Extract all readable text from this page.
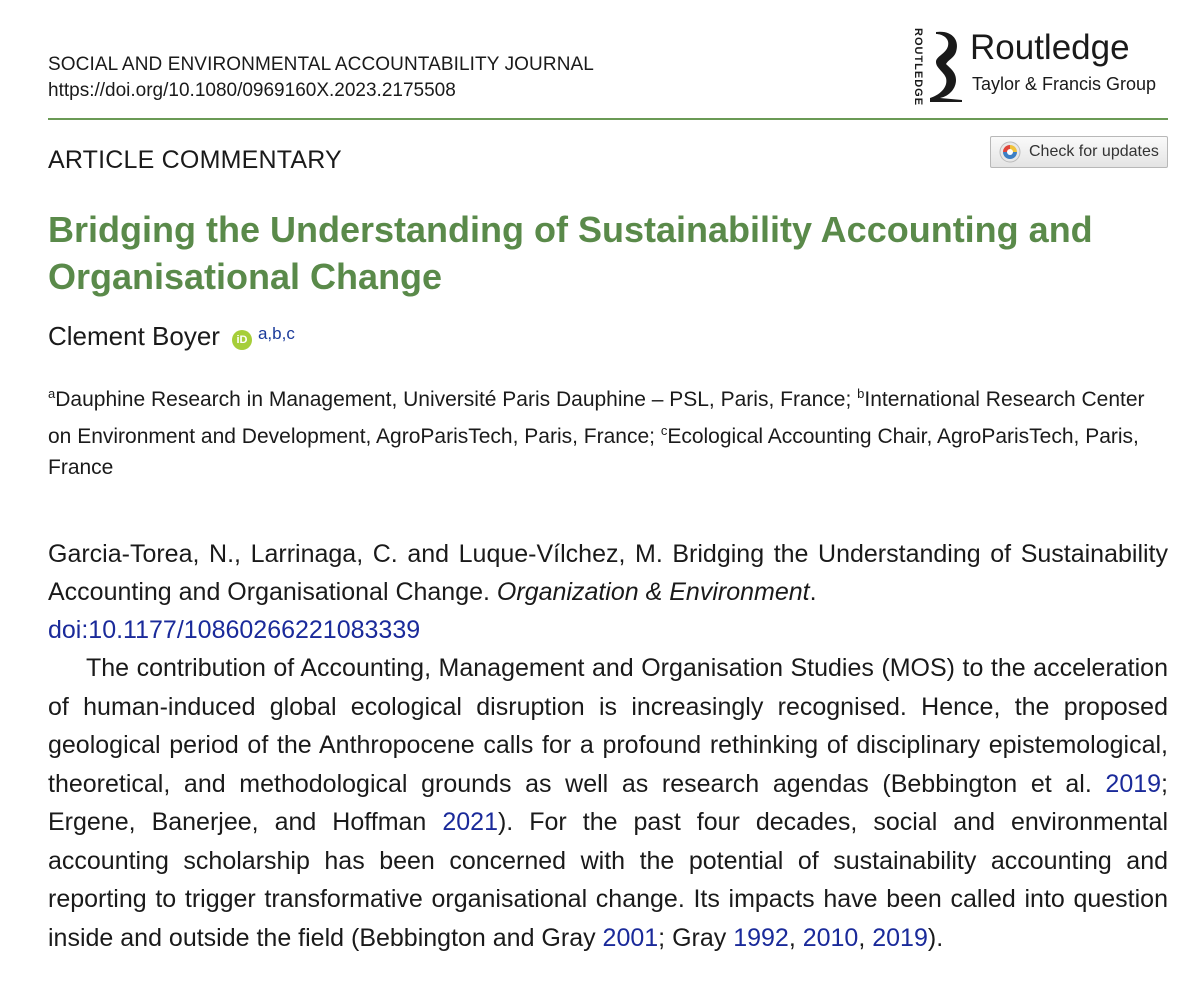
SOCIAL AND ENVIRONMENTAL ACCOUNTABILITY JOURNAL
https://doi.org/10.1080/0969160X.2023.2175508	ROUTLEDGE Routledge
Taylor & Francis Group
ARTICLE COMMENTARY	Check for updates
Bridging the Understanding of Sustainability Accounting and Organisational Change
Clement Boyer	iD $^{a,b,c}$
$^a$Dauphine Research in Management, Université Paris Dauphine – PSL, Paris, France; $^b$International Research Center on Environment and Development, AgroParisTech, Paris, France; $^c$Ecological Accounting Chair, AgroParisTech, Paris, France
Garcia-Torea, N., Larrinaga, C. and Luque-Vílchez, M. Bridging the Understanding of Sustainability Accounting and Organisational Change. Organization & Environment.
doi:10.1177/10860266221083339
The contribution of Accounting, Management and Organisation Studies (MOS) to the acceleration of human-induced global ecological disruption is increasingly recognised. Hence, the proposed geological period of the Anthropocene calls for a profound rethinking of disciplinary epistemological, theoretical, and methodological grounds as well as research agendas (Bebbington et al. 2019; Ergene, Banerjee, and Hoffman 2021). For the past four decades, social and environmental accounting scholarship has been concerned with the potential of sustainability accounting and reporting to trigger transformative organisational change. Its impacts have been called into question inside and outside the field (Bebbington and Gray 2001; Gray 1992, 2010, 2019).
